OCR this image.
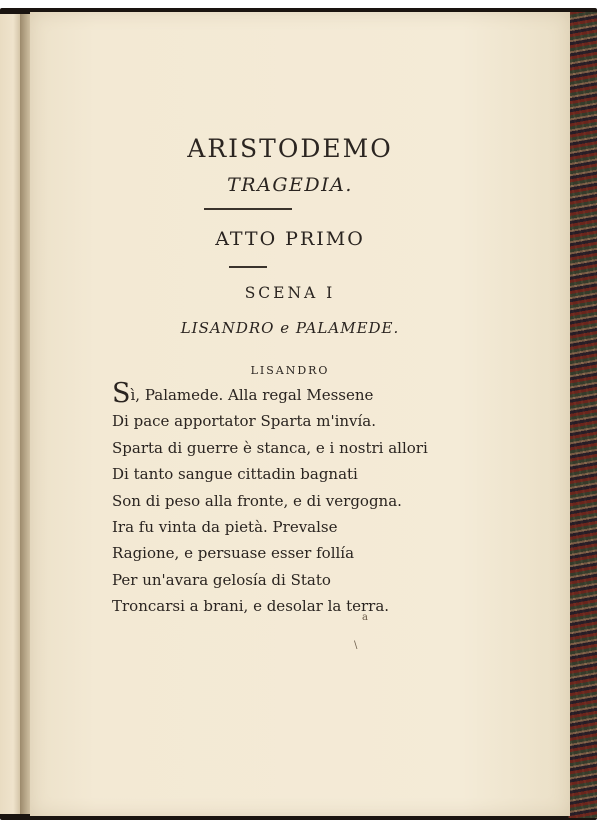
ARISTODEMO
TRAGEDIA.
ATTO PRIMO
SCENA I
LISANDRO e PALAMEDE.
LISANDRO
Sì, Palamede. Alla regal Messene
Di pace apportator Sparta m'invía.
Sparta di guerre è stanca, e i nostri allori
Di tanto sangue cittadin bagnati
Son di peso alla fronte, e di vergogna.
Ira fu vinta da pietà. Prevalse
Ragione, e persuase esser follía
Per un'avara gelosía di Stato
Troncarsi a brani, e desolar la terra.
a
\
